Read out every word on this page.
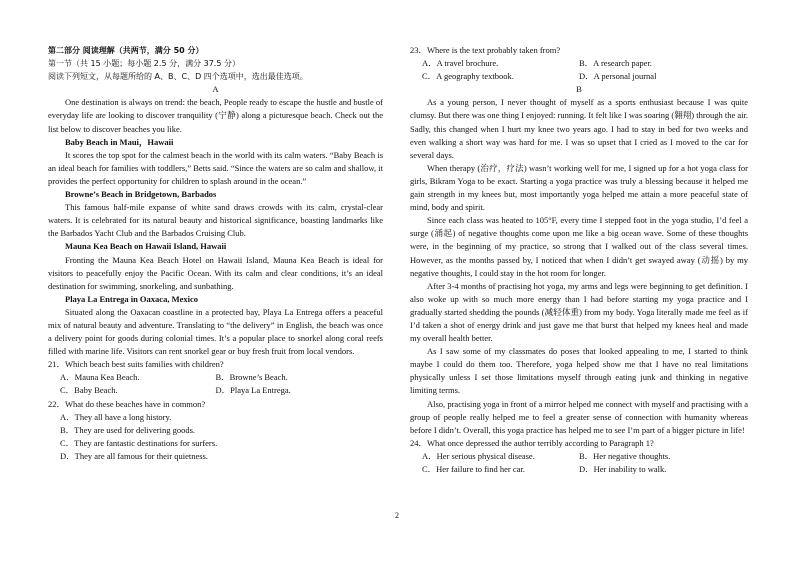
第二部分 阅读理解（共两节，满分 50 分）

第一节（共 15 小题；每小题 2.5 分，满分 37.5 分）

阅读下列短文，从每题所给的 A、B、C、D 四个选项中，选出最佳选项。

A

One destination is always on trend: the beach, People ready to escape the hustle and bustle of everyday life are looking to discover tranquility (宁静) along a picturesque beach. Check out the list below to discover beaches you like.

Baby Beach in Maui，Hawaii

It scores the top spot for the calmest beach in the world with its calm waters. “Baby Beach is an ideal beach for families with toddlers,” Betts said. “Since the waters are so calm and shallow, it provides the perfect opportunity for children to splash around in the ocean.”

Browne’s Beach in Bridgetown, Barbados

This famous half-mile expanse of white sand draws crowds with its calm, crystal-clear waters. It is celebrated for its natural beauty and historical significance, boasting landmarks like the Barbados Yacht Club and the Barbados Cruising Club.

Mauna Kea Beach on Hawaii Island, Hawaii

Fronting the Mauna Kea Beach Hotel on Hawaii Island, Mauna Kea Beach is ideal for visitors to peacefully enjoy the Pacific Ocean. With its calm and clear conditions, it’s an ideal destination for swimming, snorkeling, and sunbathing.

Playa La Entrega in Oaxaca, Mexico

Situated along the Oaxacan coastline in a protected bay, Playa La Entrega offers a peaceful mix of natural beauty and adventure. Translating to “the delivery” in English, the beach was once a delivery point for goods during colonial times. It’s a popular place to snorkel along coral reefs filled with marine life. Visitors can rent snorkel gear or buy fresh fruit from local vendors.

21．Which beach best suits families with children?

A．Mauna Kea Beach.	B．Browne’s Beach.
C．Baby Beach.	D．Playa La Entrega.

22．What do these beaches have in common?

A．They all have a long history.

B．They are used for delivering goods.

C．They are fantastic destinations for surfers.

D．They are all famous for their quietness.

23．Where is the text probably taken from?

A．A travel brochure.	B．A research paper.
C．A geography textbook.	D．A personal journal

B

As a young person, I never thought of myself as a sports enthusiast because I was quite clumsy. But there was one thing I enjoyed: running. It felt like I was soaring (翱翔) through the air. Sadly, this changed when I hurt my knee two years ago. I had to stay in bed for two weeks and even walking a short way was hard for me. I was so upset that I cried as I moved to the car for several days.

When therapy (治疗，疗法) wasn’t working well for me, I signed up for a hot yoga class for girls, Bikram Yoga to be exact. Starting a yoga practice was truly a blessing because it helped me gain strength in my knees but, most importantly yoga helped me attain a more peaceful state of mind, body and spirit.

Since each class was heated to 105°F, every time I stepped foot in the yoga studio, I’d feel a surge (涌起) of negative thoughts come upon me like a big ocean wave. Some of these thoughts were, in the beginning of my practice, so strong that I walked out of the class several times. However, as the months passed by, I noticed that when I didn’t get swayed away (动摇) by my negative thoughts, I could stay in the hot room for longer.

After 3-4 months of practising hot yoga, my arms and legs were beginning to get definition. I also woke up with so much more energy than I had before starting my yoga practice and I gradually started shedding the pounds (减轻体重) from my body. Yoga literally made me feel as if I’d taken a shot of energy drink and just gave me that burst that helped my knees heal and made my overall health better.

As I saw some of my classmates do poses that looked appealing to me, I started to think maybe I could do them too. Therefore, yoga helped show me that I have no real limitations physically unless I set those limitations myself through eating junk and thinking in negative limiting terms.

Also, practising yoga in front of a mirror helped me connect with myself and practising with a group of people really helped me to feel a greater sense of connection with humanity whereas before I didn’t. Overall, this yoga practice has helped me to see I’m part of a bigger picture in life!

24．What once depressed the author terribly according to Paragraph 1?

A．Her serious physical disease.	B．Her negative thoughts.
C．Her failure to find her car.	D．Her inability to walk.
2
